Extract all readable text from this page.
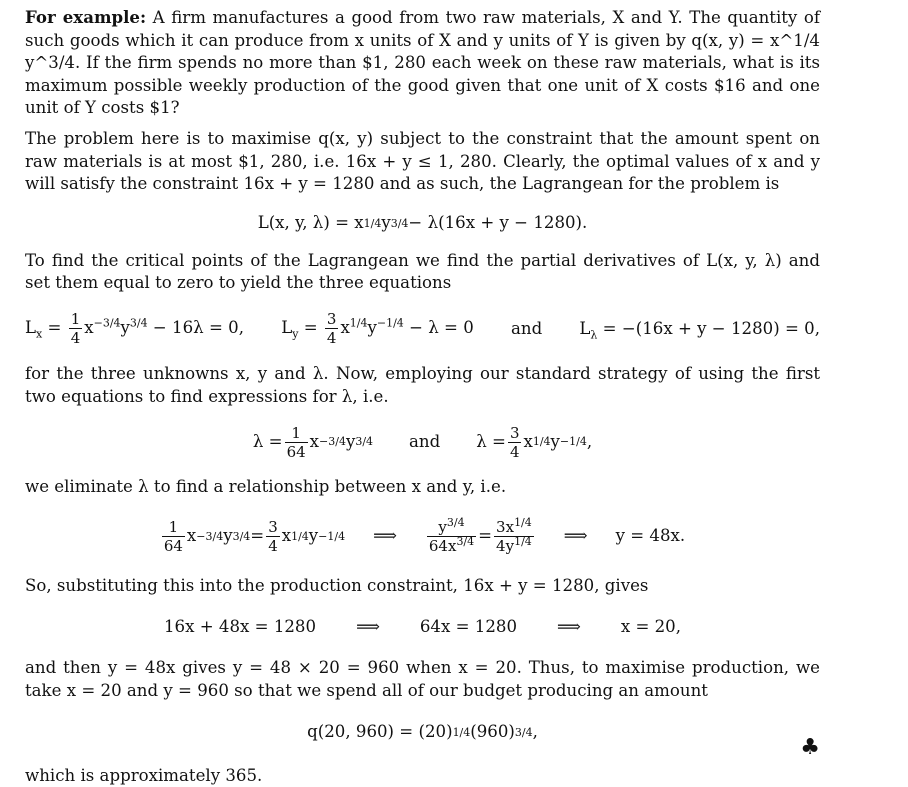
For example: A firm manufactures a good from two raw materials, X and Y. The quantity of such goods which it can produce from x units of X and y units of Y is given by q(x, y) = x^1/4 y^3/4. If the firm spends no more than $1, 280 each week on these raw materials, what is its maximum possible weekly production of the good given that one unit of X costs $16 and one unit of Y costs $1?

The problem here is to maximise q(x, y) subject to the constraint that the amount spent on raw materials is at most $1, 280, i.e. 16x + y ≤ 1, 280. Clearly, the optimal values of x and y will satisfy the constraint 16x + y = 1280 and as such, the Lagrangean for the problem is

L(x, y, λ) = x 1/4 y 3/4 − λ(16x + y − 1280).

To find the critical points of the Lagrangean we find the partial derivatives of L(x, y, λ) and set them equal to zero to yield the three equations

$L_x = \frac{1}{4} x^{-3/4}y^{3/4} - 16\lambda = 0$, $L_y = \frac{3}{4} x^{1/4}y^{-1/4} - \lambda = 0$ and $L_\lambda = -(16x + y - 1280) = 0$,

for the three unknowns x, y and λ. Now, employing our standard strategy of using the first two equations to find expressions for λ, i.e.

$\lambda = \frac{1}{64}$ x −3/4 y 3/4 and $\lambda = \frac{3}{4}$ x 1/4 y −1/4 ,

we eliminate λ to find a relationship between x and y, i.e.

$\frac{1}{64}$ x −3/4 y $3/4 = \frac{3}{4}$ x 1/4 y −1/4 ⟹ $\frac{y^{3/4}}{64x^{3/4}} = \frac{3x^{1/4}}{4y^{1/4}}$ ⟹ y = 48x.

So, substituting this into the production constraint, 16x + y = 1280, gives

16x + 48x = 1280 ⟹ 64x = 1280 ⟹ x = 20,

and then y = 48x gives y = 48 × 20 = 960 when x = 20. Thus, to maximise production, we take x = 20 and y = 960 so that we spend all of our budget producing an amount

q(20, 960) = (20) 1/4 (960) 3/4 ,

which is approximately 365.

♣
